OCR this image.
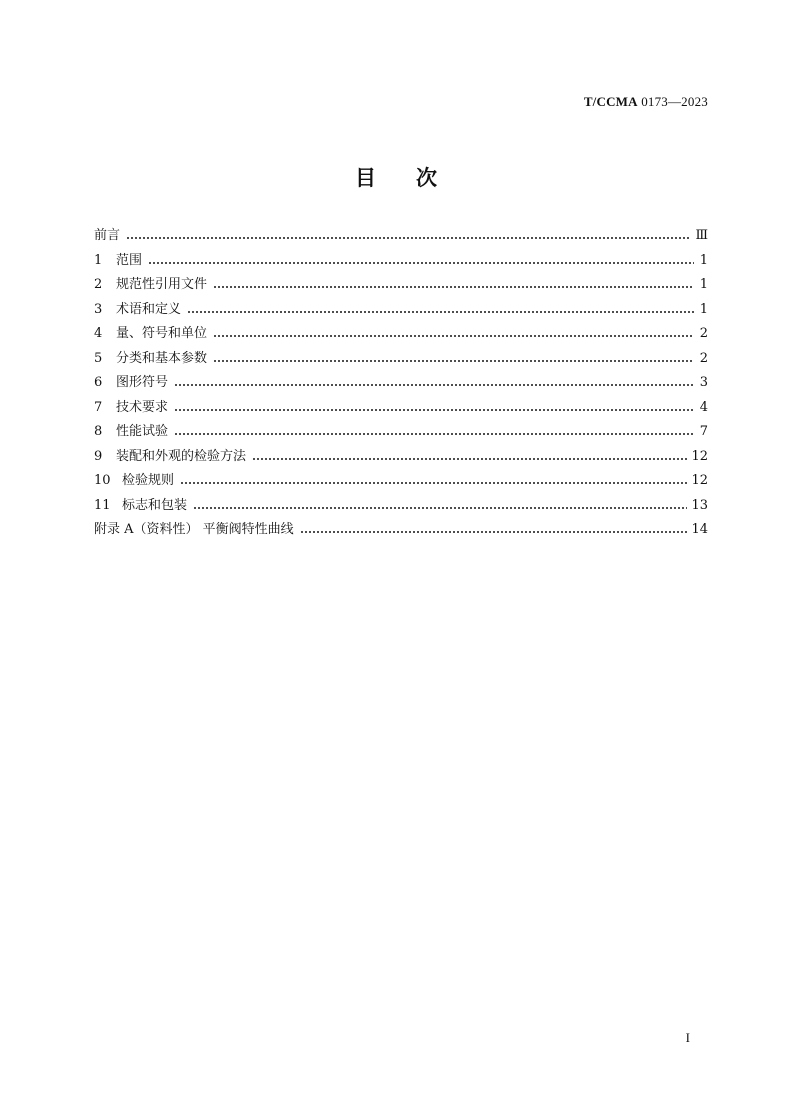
T/CCMA 0173—2023
目次
前言	Ⅲ
1	范围	1
2	规范性引用文件	1
3	术语和定义	1
4	量、符号和单位	2
5	分类和基本参数	2
6	图形符号	3
7	技术要求	4
8	性能试验	7
9	装配和外观的检验方法	12
10 检验规则	12
11 标志和包装	13
附录 A（资料性） 平衡阀特性曲线	14
I
